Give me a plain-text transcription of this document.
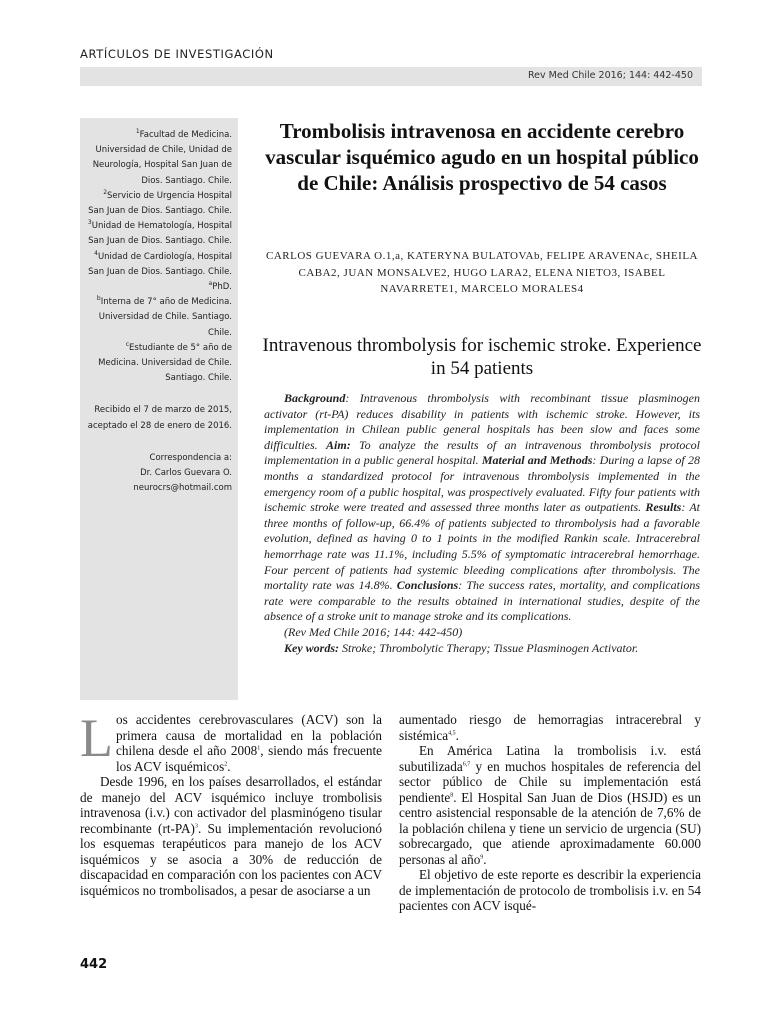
ARTÍCULOS DE INVESTIGACIÓN
Rev Med Chile 2016; 144: 442-450

$^1$Facultad de Medicina. Universidad de Chile, Unidad de Neurología, Hospital San Juan de Dios. Santiago. Chile.

$^2$Servicio de Urgencia Hospital San Juan de Dios. Santiago. Chile.

$^3$Unidad de Hematología, Hospital San Juan de Dios. Santiago. Chile.

$^4$Unidad de Cardiología, Hospital San Juan de Dios. Santiago. Chile.

$^a$PhD.

$^b$Interna de 7° año de Medicina. Universidad de Chile. Santiago. Chile.

$^c$Estudiante de 5° año de Medicina. Universidad de Chile. Santiago. Chile.

Recibido el 7 de marzo de 2015, aceptado el 28 de enero de 2016.

Correspondencia a:

Dr. Carlos Guevara O.

neurocrs@hotmail.com

Trombolisis intravenosa en accidente cerebro vascular isquémico agudo en un hospital público de Chile: Análisis prospectivo de 54 casos

CARLOS GUEVARA O.1,a, KATERYNA BULATOVAb, FELIPE ARAVENAc, SHEILA CABA2, JUAN MONSALVE2, HUGO LARA2, ELENA NIETO3, ISABEL NAVARRETE1, MARCELO MORALES4

Intravenous thrombolysis for ischemic stroke. Experience in 54 patients
Background: Intravenous thrombolysis with recombinant tissue plasminogen activator (rt-PA) reduces disability in patients with ischemic stroke. However, its implementation in Chilean public general hospitals has been slow and faces some difficulties. Aim: To analyze the results of an intravenous thrombolysis protocol implementation in a public general hospital. Material and Methods: During a lapse of 28 months a standardized protocol for intravenous thrombolysis implemented in the emergency room of a public hospital, was prospectively evaluated. Fifty four patients with ischemic stroke were treated and assessed three months later as outpatients. Results: At three months of follow-up, 66.4% of patients subjected to thrombolysis had a favorable evolution, defined as having 0 to 1 points in the modified Rankin scale. Intracerebral hemorrhage rate was 11.1%, including 5.5% of symptomatic intracerebral hemorrhage. Four percent of patients had systemic bleeding complications after thrombolysis. The mortality rate was 14.8%. Conclusions: The success rates, mortality, and complications rate were comparable to the results obtained in international studies, despite of the absence of a stroke unit to manage stroke and its complications.
(Rev Med Chile 2016; 144: 442-450)
Key words: Stroke; Thrombolytic Therapy; Tissue Plasminogen Activator.

Los accidentes cerebrovasculares (ACV) son la primera causa de mortalidad en la población chilena desde el año 2008$^1$, siendo más frecuente los ACV isquémicos$^2$.

Desde 1996, en los países desarrollados, el estándar de manejo del ACV isquémico incluye trombolisis intravenosa (i.v.) con activador del plasminógeno tisular recombinante $(rt-PA)^3$. Su implementación revolucionó los esquemas terapéuticos para manejo de los ACV isquémicos y se asocia a 30% de reducción de discapacidad en comparación con los pacientes con ACV isquémicos no trombolisados, a pesar de asociarse a un

aumentado riesgo de hemorragias intracerebral y sistémica$^{4,5}$.

En América Latina la trombolisis i.v. está subutilizada$^{6,7}$ y en muchos hospitales de referencia del sector público de Chile su implementación está pendiente$^8$. El Hospital San Juan de Dios (HSJD) es un centro asistencial responsable de la atención de 7,6% de la población chilena y tiene un servicio de urgencia (SU) sobrecargado, que atiende aproximadamente 60.000 personas al año$^9$.

El objetivo de este reporte es describir la experiencia de implementación de protocolo de trombolisis i.v. en 54 pacientes con ACV isqué-

442
